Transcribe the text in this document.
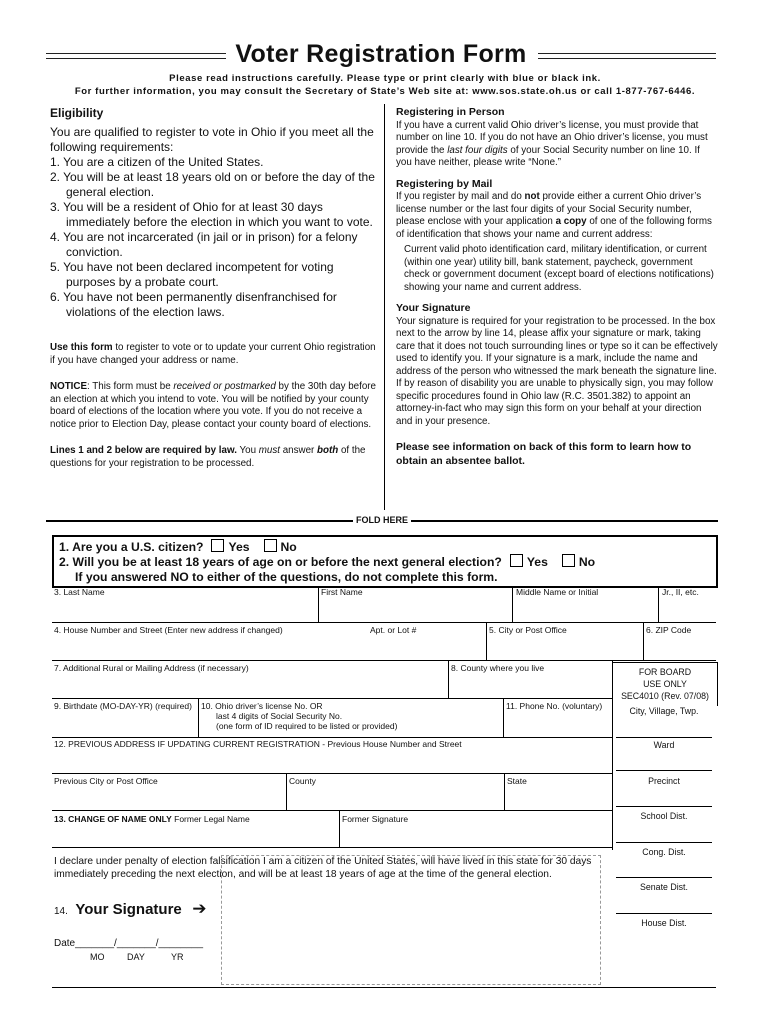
Voter Registration Form
Please read instructions carefully. Please type or print clearly with blue or black ink.
For further information, you may consult the Secretary of State’s Web site at: www.sos.state.oh.us or call 1-877-767-6446.
Eligibility

You are qualified to register to vote in Ohio if you meet all the following requirements:

1. You are a citizen of the United States.
2. You will be at least 18 years old on or before the day of the general election.
3. You will be a resident of Ohio for at least 30 days immediately before the election in which you want to vote.
4. You are not incarcerated (in jail or in prison) for a felony conviction.
5. You have not been declared incompetent for voting purposes by a probate court.
6. You have not been permanently disenfranchised for violations of the election laws.

Use this form to register to vote or to update your current Ohio registration if you have changed your address or name.

NOTICE: This form must be received or postmarked by the 30th day before an election at which you intend to vote. You will be notified by your county board of elections of the location where you vote. If you do not receive a notice prior to Election Day, please contact your county board of elections.

Lines 1 and 2 below are required by law. You must answer both of the questions for your registration to be processed.

Registering in Person

If you have a current valid Ohio driver’s license, you must provide that number on line 10. If you do not have an Ohio driver’s license, you must provide the last four digits of your Social Security number on line 10. If you have neither, please write “None.”

Registering by Mail

If you register by mail and do not provide either a current Ohio driver’s license number or the last four digits of your Social Security number, please enclose with your application a copy of one of the following forms of identification that shows your name and current address:

Current valid photo identification card, military identification, or current (within one year) utility bill, bank statement, paycheck, government check or government document (except board of elections notifications) showing your name and current address.

Your Signature

Your signature is required for your registration to be processed. In the box next to the arrow by line 14, please affix your signature or mark, taking care that it does not touch surrounding lines or type so it can be effectively used to identify you. If your signature is a mark, include the name and address of the person who witnessed the mark beneath the signature line. If by reason of disability you are unable to physically sign, you may follow specific procedures found in Ohio law (R.C. 3501.382) to appoint an attorney-in-fact who may sign this form on your behalf at your direction and in your presence.

Please see information on back of this form to learn how to obtain an absentee ballot.

FOLD HERE
1. Are you a U.S. citizen? Yes	No
2. Will you be at least 18 years of age on or before the next general election? Yes	No
If you answered NO to either of the questions, do not complete this form.
3. Last Name	First Name	Middle Name or Initial	Jr., II, etc.
4. House Number and Street (Enter new address if changed)	Apt. or Lot #	5. City or Post Office	6. ZIP Code
7. Additional Rural or Mailing Address (if necessary)	8. County where you live
9. Birthdate (MO-DAY-YR) (required) 10. Ohio driver’s license No. OR
last 4 digits of Social Security No.
(one form of ID required to be listed or provided)
11. Phone No. (voluntary)
12. PREVIOUS ADDRESS IF UPDATING CURRENT REGISTRATION - Previous House Number and Street
Previous City or Post Office	County	State
13. CHANGE OF NAME ONLY Former Legal Name	Former Signature
FOR BOARD
USE ONLY
SEC4010 (Rev. 07/08)
City, Village, Twp.
Ward
Precinct
School Dist.
Cong. Dist.
Senate Dist.
House Dist.
I declare under penalty of election falsification I am a citizen of the United States, will have lived in this state for 30 days immediately preceding the next election, and will be at least 18 years of age at the time of the general election.
14. Your Signature ➔
Date_______/_______/________
MO	DAY	YR
